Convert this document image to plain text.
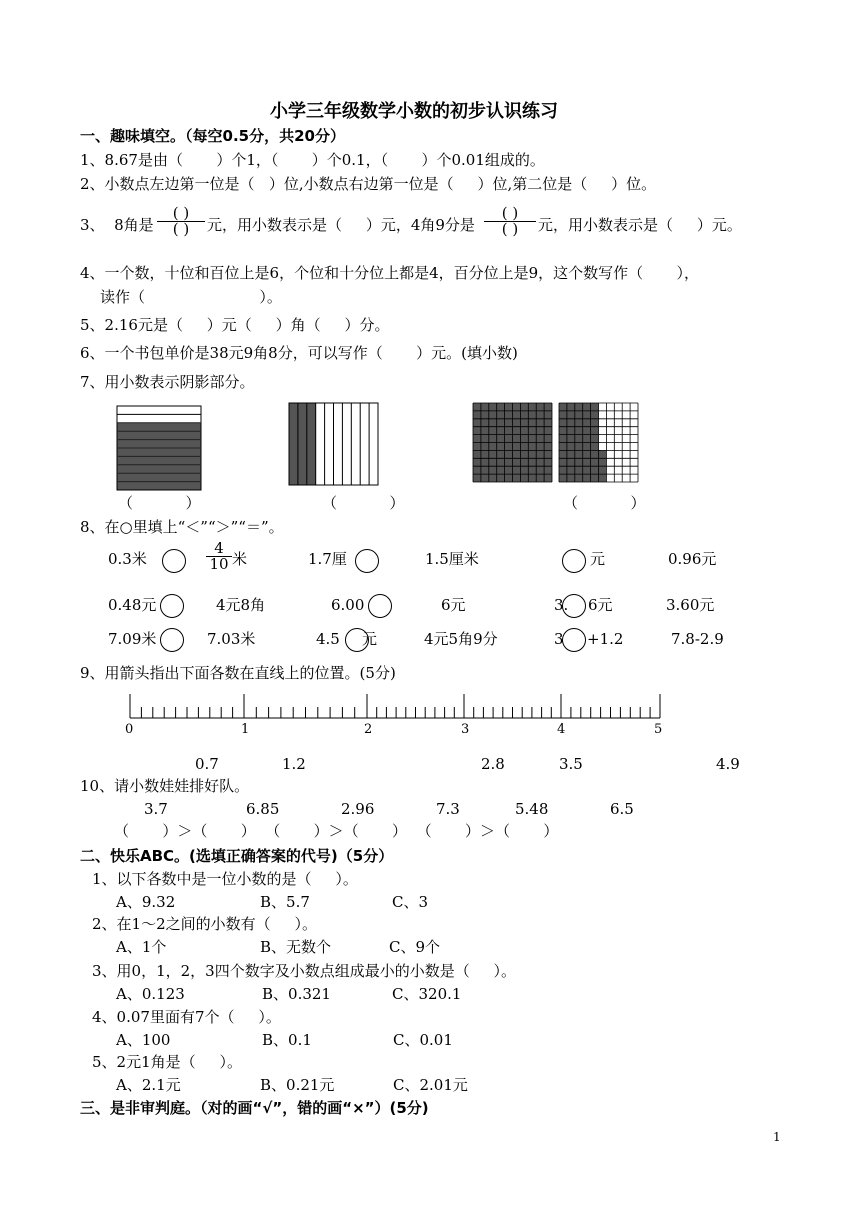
小学三年级数学小数的初步认识练习
一、趣味填空。（每空0.5分，共20分）
1、8.67是由（       ）个1，（       ）个0.1，（       ）个0.01组成的。
2、小数点左边第一位是（   ）位,小数点右边第一位是（     ）位,第二位是（     ）位。
3、  8角是
( )
( )	元，用小数表示是（     ）元，4角9分是
( )
( )	元，用小数表示是（     ）元。
4、一个数，十位和百位上是6，个位和十分位上都是4，百分位上是9，这个数写作（       ），
读作（                        ）。
5、2.16元是（     ）元（     ）角（     ）分。
6、一个书包单价是38元9角8分，可以写作（       ）元。(填小数)
7、用小数表示阴影部分。
（           ）	（           ）	（           ）
8、在○里填上“＜”“＞”“＝”。
0.3米	$\frac{4}{10}$ 米	1.7厘	1.5厘米	元	0.96元
0.48元	4元8角	6.00	6元	3. 6元	3.60元
7.09米	7.03米	4.5 元	4元5角9分	3 +1.2	7.8-2.9
9、用箭头指出下面各数在直线上的位置。(5分)
0	1	2	3	4	5
0.7	1.2	2.8	3.5	4.9
10、请小数娃娃排好队。
3.7	6.85	2.96	7.3	5.48	6.5
（       ）＞（       ）  （       ）＞（       ）  （       ）＞（       ）
二、快乐ABC。(选填正确答案的代号)（5分）
1、以下各数中是一位小数的是（     ）。
A、9.32	B、5.7	C、3
2、在1～2之间的小数有（     ）。
A、1个	B、无数个	C、9个
3、用0，1，2，3四个数字及小数点组成最小的小数是（     ）。
A、0.123	B、0.321	C、320.1
4、0.07里面有7个（     ）。
A、100	B、0.1	C、0.01
5、2元1角是（     ）。
A、2.1元	B、0.21元	C、2.01元
三、是非审判庭。（对的画“√”，错的画“×”）(5分)
1
